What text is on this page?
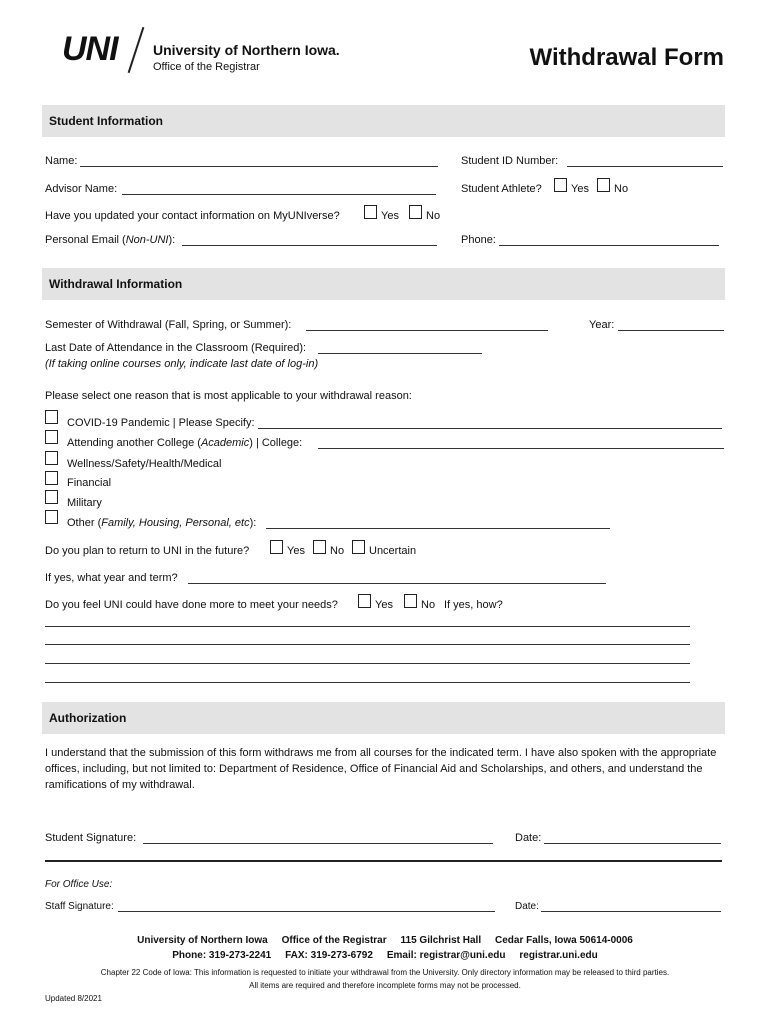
UNI	University of Northern Iowa.
Office of the Registrar	Withdrawal Form
Student Information
Name:	Student ID Number:
Advisor Name:	Student Athlete?	Yes No
Have you updated your contact information on MyUNIverse?	Yes No
Personal Email (Non-UNI):	Phone:
Withdrawal Information
Semester of Withdrawal (Fall, Spring, or Summer):	Year:
Last Date of Attendance in the Classroom (Required):
(If taking online courses only, indicate last date of log-in)
Please select one reason that is most applicable to your withdrawal reason:
COVID-19 Pandemic | Please Specify:
Attending another College (Academic) | College:
Wellness/Safety/Health/Medical
Financial
Military
Other (Family, Housing, Personal, etc):
Do you plan to return to UNI in the future?	Yes No Uncertain
If yes, what year and term?
Do you feel UNI could have done more to meet your needs?	Yes	No If yes, how?
Authorization
I understand that the submission of this form withdraws me from all courses for the indicated term. I have also spoken with the appropriate offices, including, but not limited to: Department of Residence, Office of Financial Aid and Scholarships, and others, and understand the ramifications of my withdrawal.
Student Signature:	Date:
For Office Use:
Staff Signature:	Date:
University of Northern Iowa     Office of the Registrar     115 Gilchrist Hall     Cedar Falls, Iowa 50614-0006
Phone: 319-273-2241     FAX: 319-273-6792     Email: registrar@uni.edu     registrar.uni.edu
Chapter 22 Code of Iowa: This information is requested to initiate your withdrawal from the University. Only directory information may be released to third parties.
All items are required and therefore incomplete forms may not be processed.
Updated 8/2021
